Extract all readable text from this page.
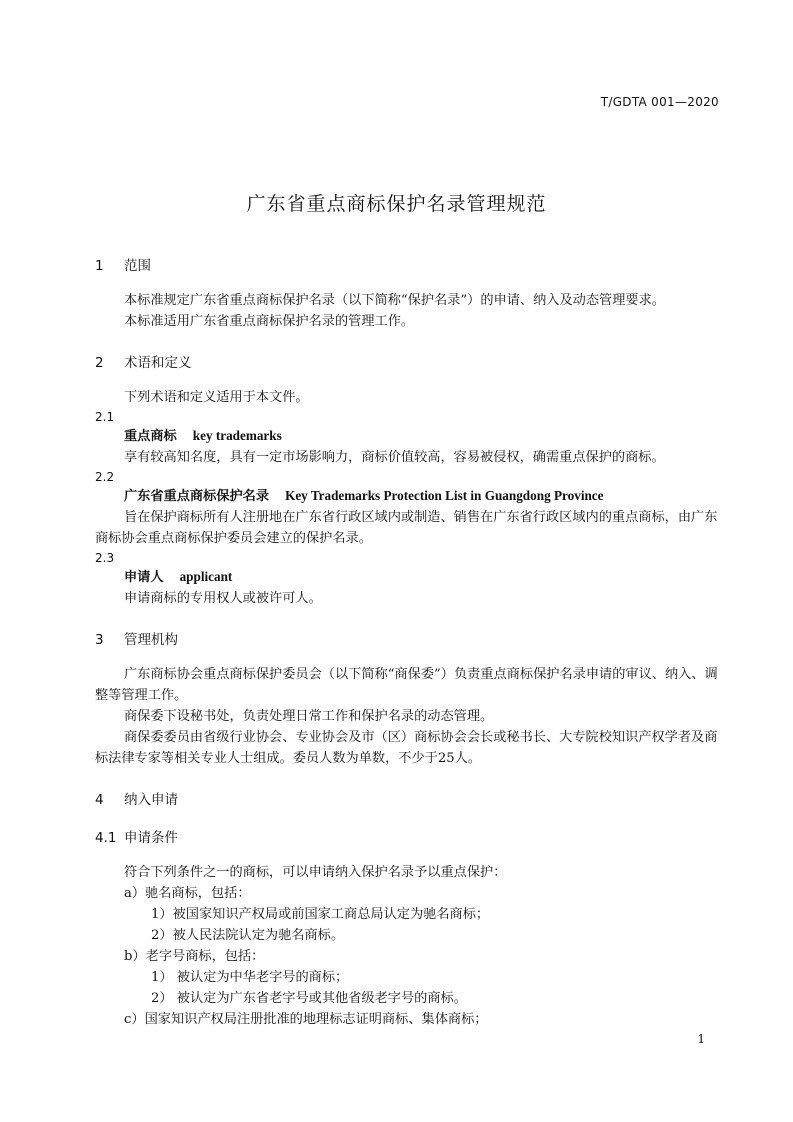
T/GDTA 001—2020
广东省重点商标保护名录管理规范
1 范围
本标准规定广东省重点商标保护名录（以下简称“保护名录”）的申请、纳入及动态管理要求。
本标准适用广东省重点商标保护名录的管理工作。
2 术语和定义
下列术语和定义适用于本文件。
2.1
重点商标 key trademarks
享有较高知名度，具有一定市场影响力，商标价值较高，容易被侵权，确需重点保护的商标。
2.2
广东省重点商标保护名录 Key Trademarks Protection List in Guangdong Province
旨在保护商标所有人注册地在广东省行政区域内或制造、销售在广东省行政区域内的重点商标，由广东商标协会重点商标保护委员会建立的保护名录。
2.3
申请人 applicant
申请商标的专用权人或被许可人。
3 管理机构
广东商标协会重点商标保护委员会（以下简称“商保委”）负责重点商标保护名录申请的审议、纳入、调整等管理工作。
商保委下设秘书处，负责处理日常工作和保护名录的动态管理。
商保委委员由省级行业协会、专业协会及市（区）商标协会会长或秘书长、大专院校知识产权学者及商标法律专家等相关专业人士组成。委员人数为单数，不少于25人。
4 纳入申请
4.1 申请条件
符合下列条件之一的商标，可以申请纳入保护名录予以重点保护：
a）驰名商标，包括：
1）被国家知识产权局或前国家工商总局认定为驰名商标；
2）被人民法院认定为驰名商标。
b）老字号商标，包括：
1） 被认定为中华老字号的商标；
2） 被认定为广东省老字号或其他省级老字号的商标。
c）国家知识产权局注册批准的地理标志证明商标、集体商标；
1
